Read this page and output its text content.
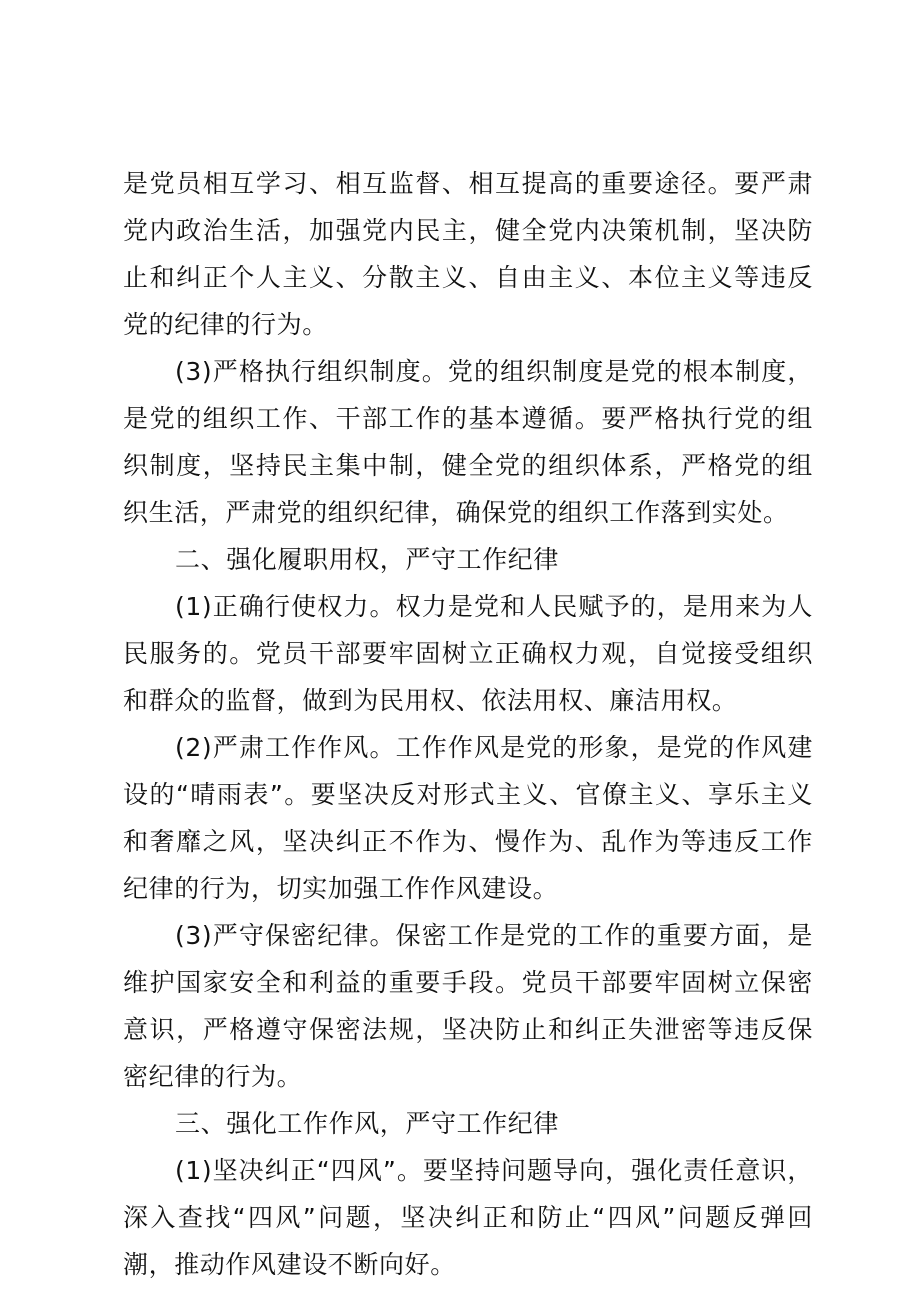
是党员相互学习、相互监督、相互提高的重要途径。要严肃党内政治生活，加强党内民主，健全党内决策机制，坚决防止和纠正个人主义、分散主义、自由主义、本位主义等违反党的纪律的行为。

(3)严格执行组织制度。党的组织制度是党的根本制度，是党的组织工作、干部工作的基本遵循。要严格执行党的组织制度，坚持民主集中制，健全党的组织体系，严格党的组织生活，严肃党的组织纪律，确保党的组织工作落到实处。

二、强化履职用权，严守工作纪律

(1)正确行使权力。权力是党和人民赋予的，是用来为人民服务的。党员干部要牢固树立正确权力观，自觉接受组织和群众的监督，做到为民用权、依法用权、廉洁用权。

(2)严肃工作作风。工作作风是党的形象，是党的作风建设的“晴雨表”。要坚决反对形式主义、官僚主义、享乐主义和奢靡之风，坚决纠正不作为、慢作为、乱作为等违反工作纪律的行为，切实加强工作作风建设。

(3)严守保密纪律。保密工作是党的工作的重要方面，是维护国家安全和利益的重要手段。党员干部要牢固树立保密意识，严格遵守保密法规，坚决防止和纠正失泄密等违反保密纪律的行为。

三、强化工作作风，严守工作纪律

(1)坚决纠正“四风”。要坚持问题导向，强化责任意识，深入查找“四风”问题，坚决纠正和防止“四风”问题反弹回潮，推动作风建设不断向好。
